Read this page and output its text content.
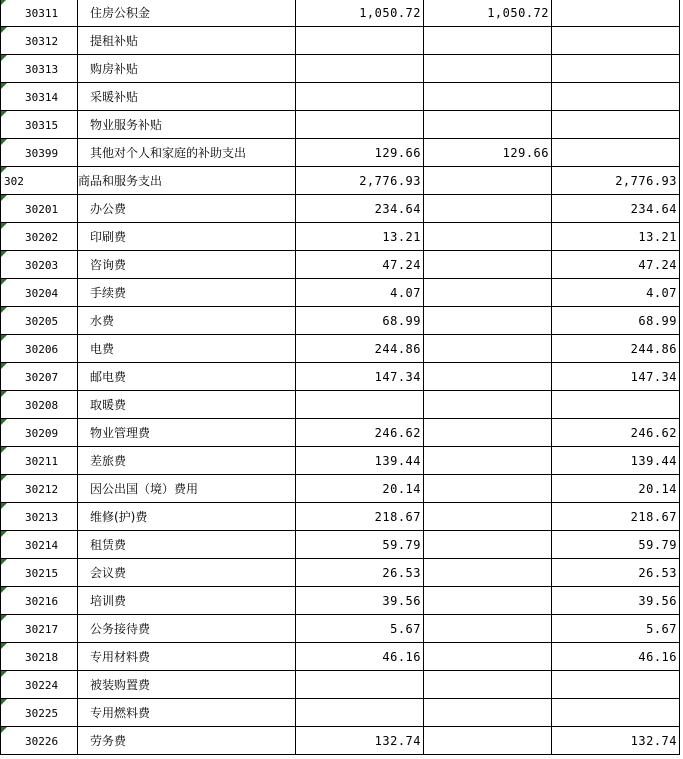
30311	住房公积金	1,050.72	1,050.72	

30312	提租补贴			

30313	购房补贴			

30314	采暖补贴			

30315	物业服务补贴			

30399	其他对个人和家庭的补助支出	129.66	129.66	

302	商品和服务支出	2,776.93		2,776.93

30201	办公费	234.64		234.64

30202	印刷费	13.21		13.21

30203	咨询费	47.24		47.24

30204	手续费	4.07		4.07

30205	水费	68.99		68.99

30206	电费	244.86		244.86

30207	邮电费	147.34		147.34

30208	取暖费			

30209	物业管理费	246.62		246.62

30211	差旅费	139.44		139.44

30212	因公出国（境）费用	20.14		20.14

30213	维修(护)费	218.67		218.67

30214	租赁费	59.79		59.79

30215	会议费	26.53		26.53

30216	培训费	39.56		39.56

30217	公务接待费	5.67		5.67

30218	专用材料费	46.16		46.16

30224	被装购置费			

30225	专用燃料费			

30226	劳务费	132.74		132.74
